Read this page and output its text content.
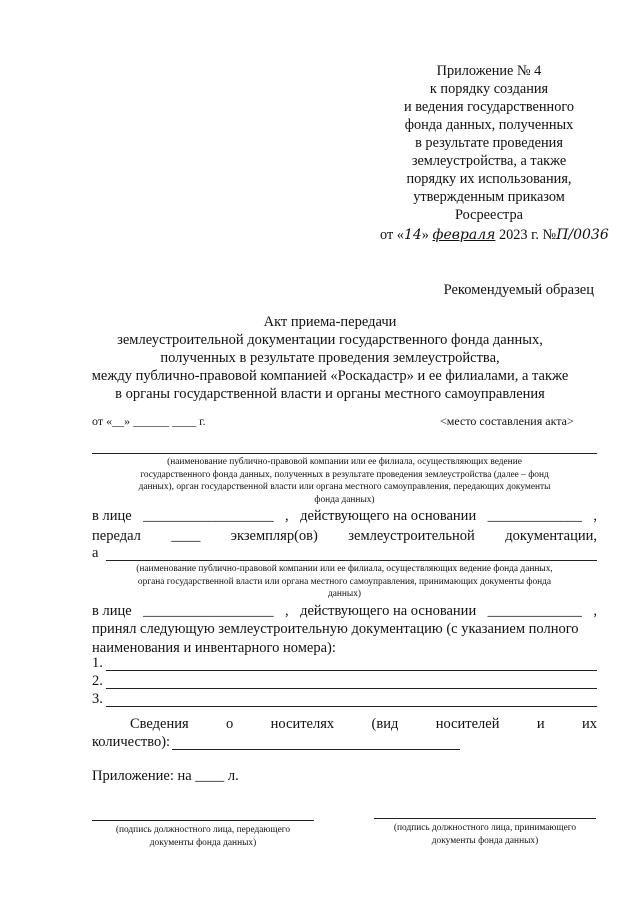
Приложение № 4
к порядку создания
и ведения государственного
фонда данных, полученных
в результате проведения
землеустройства, а также
порядку их использования,
утвержденным приказом
Росреестра
от «14» февраля 2023 г. №П/0036
Рекомендуемый образец
Акт приема-передачи
землеустроительной документации государственного фонда данных,
полученных в результате проведения землеустройства,
между публично-правовой компанией «Роскадастр» и ее филиалами, а также
в органы государственной власти и органы местного самоуправления
от «__» ______ ____ г.	<место составления акта>
(наименование публично-правовой компании или ее филиала, осуществляющих ведение
государственного фонда данных, полученных в результате проведения землеустройства (далее – фонд
данных), орган государственной власти или органа местного самоуправления, передающих документы
фонда данных)
в лице __________________ , действующего на основании _____________ ,
передал ____ экземпляр(ов) землеустроительной документации,
а
(наименование публично-правовой компании или ее филиала, осуществляющих ведение фонда данных,
органа государственной власти или органа местного самоуправления, принимающих документы фонда
данных)
в лице __________________ , действующего на основании _____________ ,
принял следующую землеустроительную документацию (с указанием полного
наименования и инвентарного номера):
1.
2.
3.
Сведения	о	носителях	(вид	носителей	и	их
количество):
Приложение: на ____ л.
(подпись должностного лица, передающего
документы фонда данных)
(подпись должностного лица, принимающего
документы фонда данных)
